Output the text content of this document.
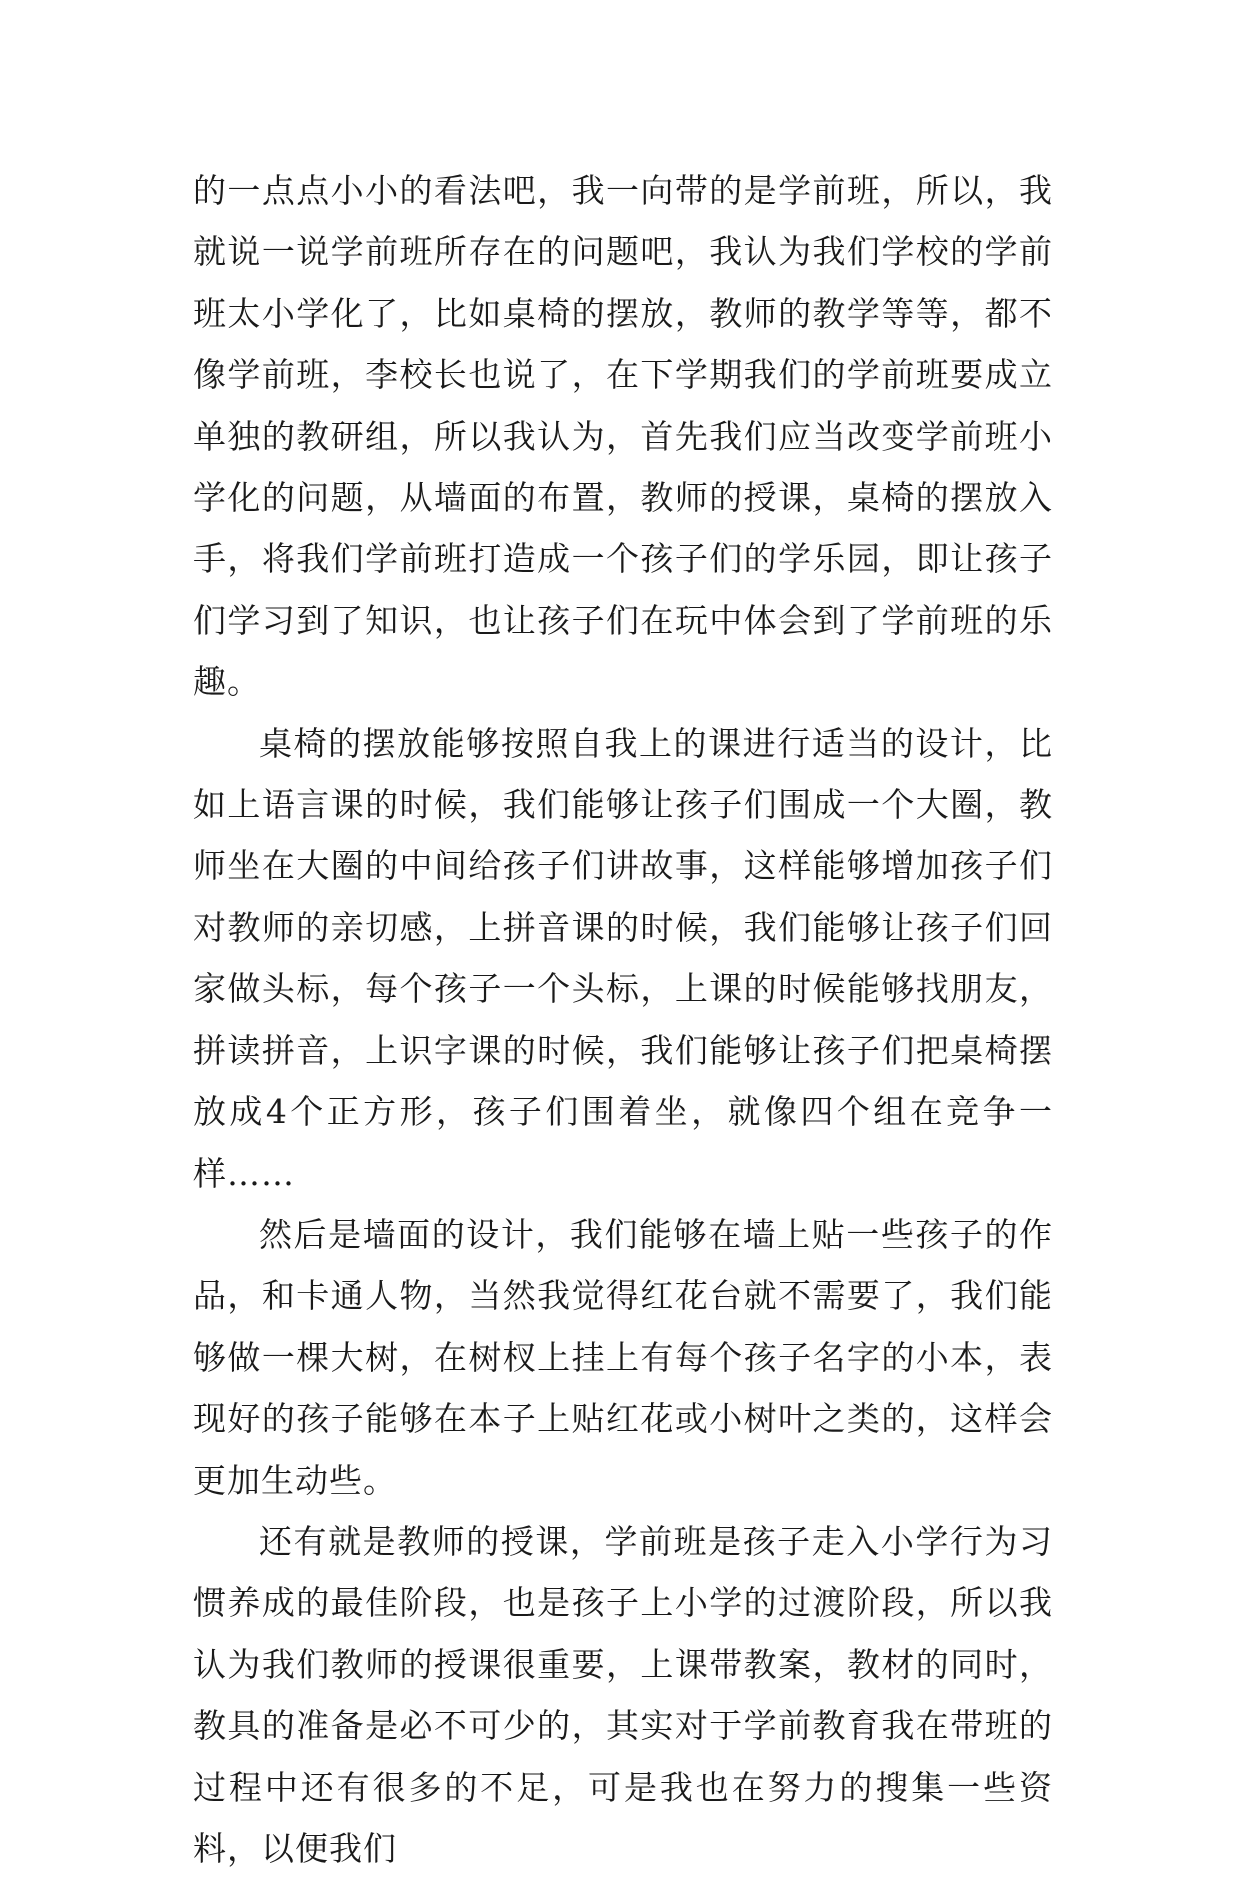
的一点点小小的看法吧，我一向带的是学前班，所以，我就说一说学前班所存在的问题吧，我认为我们学校的学前班太小学化了，比如桌椅的摆放，教师的教学等等，都不像学前班，李校长也说了，在下学期我们的学前班要成立单独的教研组，所以我认为，首先我们应当改变学前班小学化的问题，从墙面的布置，教师的授课，桌椅的摆放入手，将我们学前班打造成一个孩子们的学乐园，即让孩子们学习到了知识，也让孩子们在玩中体会到了学前班的乐趣。

桌椅的摆放能够按照自我上的课进行适当的设计，比如上语言课的时候，我们能够让孩子们围成一个大圈，教师坐在大圈的中间给孩子们讲故事，这样能够增加孩子们对教师的亲切感，上拼音课的时候，我们能够让孩子们回家做头标，每个孩子一个头标，上课的时候能够找朋友，拼读拼音，上识字课的时候，我们能够让孩子们把桌椅摆放成4个正方形，孩子们围着坐，就像四个组在竞争一样……

然后是墙面的设计，我们能够在墙上贴一些孩子的作品，和卡通人物，当然我觉得红花台就不需要了，我们能够做一棵大树，在树杈上挂上有每个孩子名字的小本，表现好的孩子能够在本子上贴红花或小树叶之类的，这样会更加生动些。

还有就是教师的授课，学前班是孩子走入小学行为习惯养成的最佳阶段，也是孩子上小学的过渡阶段，所以我认为我们教师的授课很重要，上课带教案，教材的同时，教具的准备是必不可少的，其实对于学前教育我在带班的过程中还有很多的不足，可是我也在努力的搜集一些资料，以便我们
